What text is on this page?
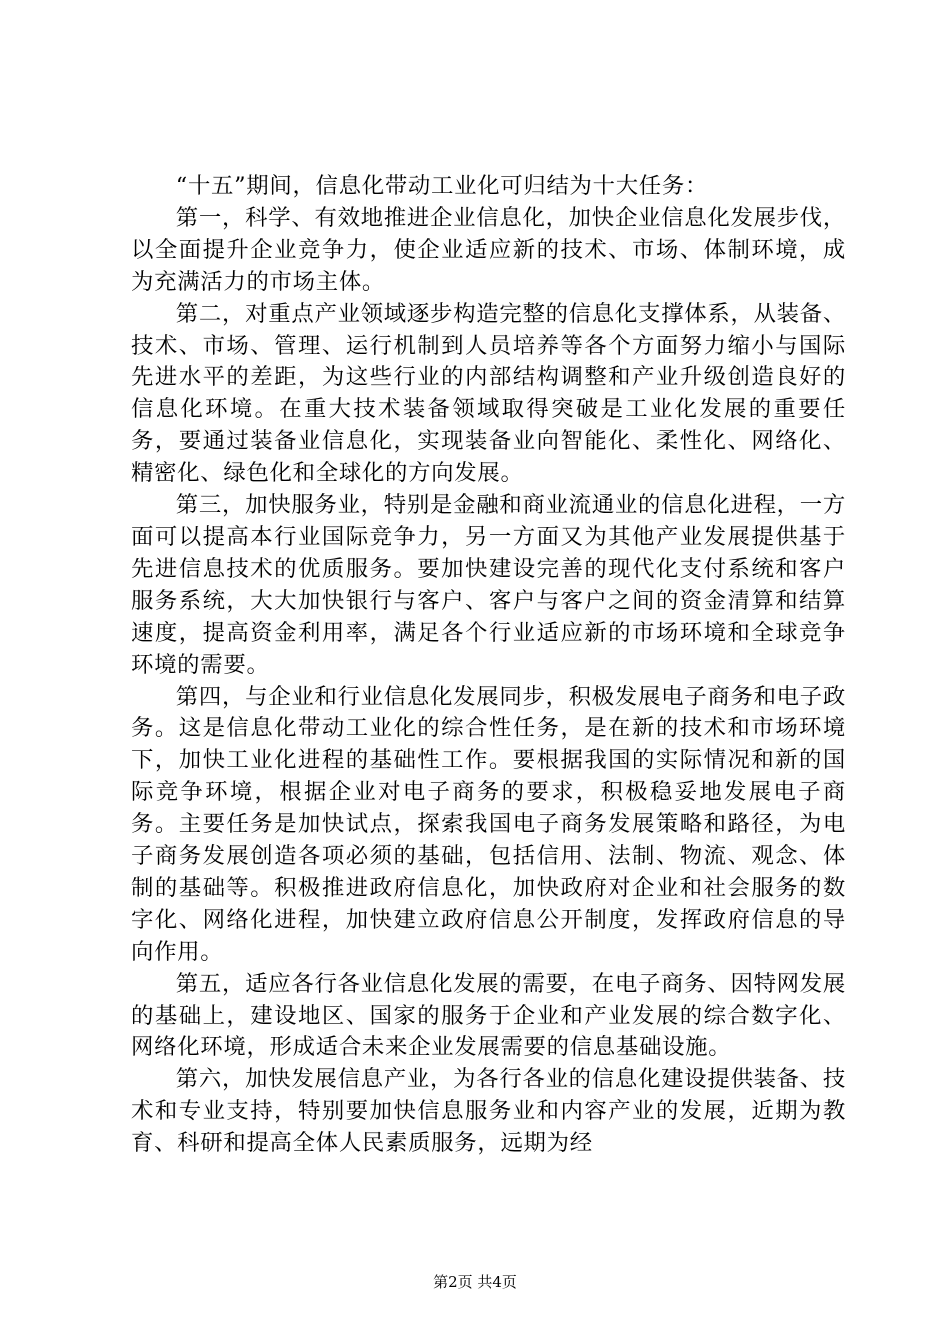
“十五”期间，信息化带动工业化可归结为十大任务：

第一，科学、有效地推进企业信息化，加快企业信息化发展步伐，以全面提升企业竞争力，使企业适应新的技术、市场、体制环境，成为充满活力的市场主体。

第二，对重点产业领域逐步构造完整的信息化支撑体系，从装备、技术、市场、管理、运行机制到人员培养等各个方面努力缩小与国际先进水平的差距，为这些行业的内部结构调整和产业升级创造良好的信息化环境。在重大技术装备领域取得突破是工业化发展的重要任务，要通过装备业信息化，实现装备业向智能化、柔性化、网络化、精密化、绿色化和全球化的方向发展。

第三，加快服务业，特别是金融和商业流通业的信息化进程，一方面可以提高本行业国际竞争力，另一方面又为其他产业发展提供基于先进信息技术的优质服务。要加快建设完善的现代化支付系统和客户服务系统，大大加快银行与客户、客户与客户之间的资金清算和结算速度，提高资金利用率，满足各个行业适应新的市场环境和全球竞争环境的需要。

第四，与企业和行业信息化发展同步，积极发展电子商务和电子政务。这是信息化带动工业化的综合性任务，是在新的技术和市场环境下，加快工业化进程的基础性工作。要根据我国的实际情况和新的国际竞争环境，根据企业对电子商务的要求，积极稳妥地发展电子商务。主要任务是加快试点，探索我国电子商务发展策略和路径，为电子商务发展创造各项必须的基础，包括信用、法制、物流、观念、体制的基础等。积极推进政府信息化，加快政府对企业和社会服务的数字化、网络化进程，加快建立政府信息公开制度，发挥政府信息的导向作用。

第五，适应各行各业信息化发展的需要，在电子商务、因特网发展的基础上，建设地区、国家的服务于企业和产业发展的综合数字化、网络化环境，形成适合未来企业发展需要的信息基础设施。

第六，加快发展信息产业，为各行各业的信息化建设提供装备、技术和专业支持，特别要加快信息服务业和内容产业的发展，近期为教育、科研和提高全体人民素质服务，远期为经

第2页 共4页
